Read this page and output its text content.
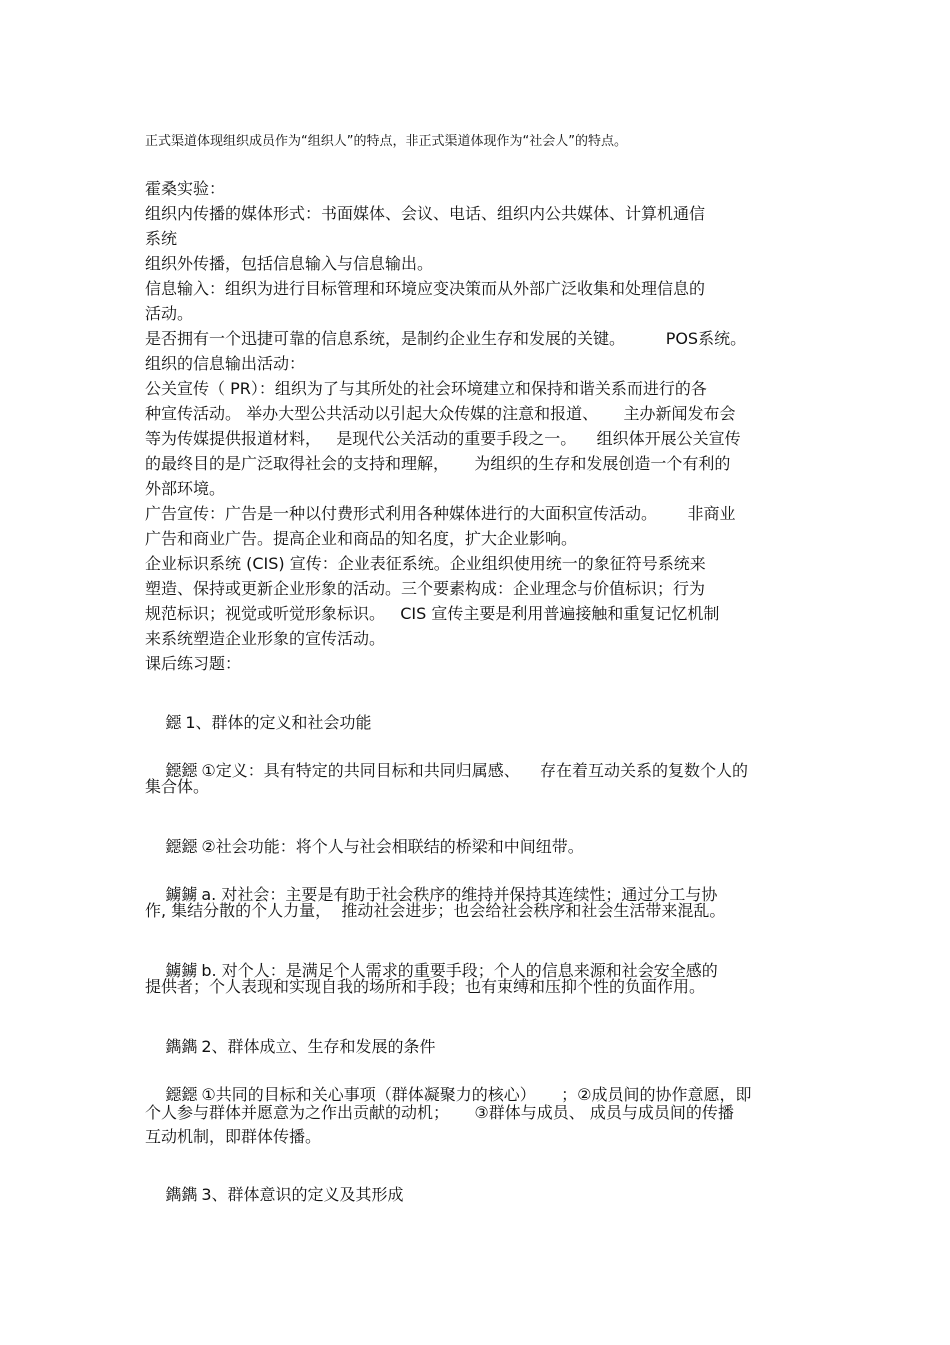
正式渠道体现组织成员作为“组织人”的特点，非正式渠道体现作为“社会人”的特点。
霍桑实验：
组织内传播的媒体形式：书面媒体、会议、电话、组织内公共媒体、计算机通信
系统
组织外传播，包括信息输入与信息输出。
信息输入：组织为进行目标管理和环境应变决策而从外部广泛收集和处理信息的
活动。
是否拥有一个迅捷可靠的信息系统，是制约企业生存和发展的关键。        POS系统。
组织的信息输出活动：
公关宣传（ PR）：组织为了与其所处的社会环境建立和保持和谐关系而进行的各
种宣传活动。 举办大型公共活动以引起大众传媒的注意和报道、     主办新闻发布会
等为传媒提供报道材料，   是现代公关活动的重要手段之一。    组织体开展公关宣传
的最终目的是广泛取得社会的支持和理解，     为组织的生存和发展创造一个有利的
外部环境。
广告宣传：广告是一种以付费形式利用各种媒体进行的大面积宣传活动。      非商业
广告和商业广告。提高企业和商品的知名度，扩大企业影响。
企业标识系统 (CIS) 宣传：企业表征系统。企业组织使用统一的象征符号系统来
塑造、保持或更新企业形象的活动。三个要素构成：企业理念与价值标识；行为
规范标识；视觉或听觉形象标识。   CIS 宣传主要是利用普遍接触和重复记忆机制
来系统塑造企业形象的宣传活动。
课后练习题：

鐚 1、群体的定义和社会功能

鐚鐚 ①定义：具有特定的共同目标和共同归属感、    存在着互动关系的复数个人的

集合体。

鐚鐚 ②社会功能：将个人与社会相联结的桥梁和中间纽带。

鐪鐪 a. 对社会：主要是有助于社会秩序的维持并保持其连续性；通过分工与协

作, 集结分散的个人力量，  推动社会进步；也会给社会秩序和社会生活带来混乱。

鐪鐪 b. 对个人：是满足个人需求的重要手段；个人的信息来源和社会安全感的

提供者；个人表现和实现自我的场所和手段；也有束缚和压抑个性的负面作用。

鐫鐫 2、群体成立、生存和发展的条件

鐚鐚 ①共同的目标和关心事项（群体凝聚力的核心）     ；②成员间的协作意愿，即

个人参与群体并愿意为之作出贡献的动机；     ③群体与成员、 成员与成员间的传播
互动机制，即群体传播。

鐫鐫 3、群体意识的定义及其形成
